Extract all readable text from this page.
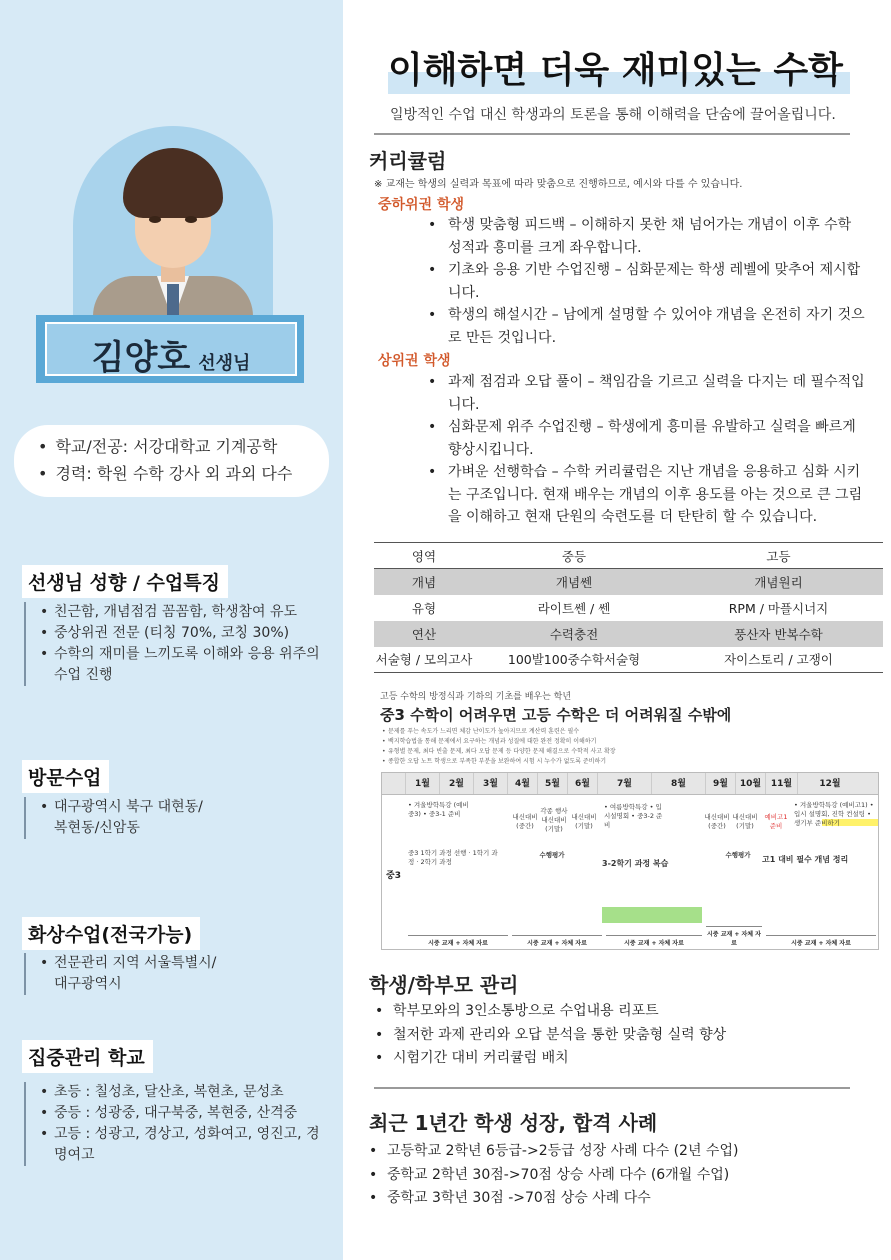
김양호 선생님
• 학교/전공: 서강대학교 기계공학
• 경력: 학원 수학 강사 외 과외 다수
선생님 성향 / 수업특징
• 친근함, 개념점검 꼼꼼함, 학생참여 유도
• 중상위권 전문 (티칭 70%, 코칭 30%)
• 수학의 재미를 느끼도록 이해와 응용 위주의 수업 진행
방문수업
• 대구광역시 북구 대현동/복현동/신암동
화상수업(전국가능)
• 전문관리 지역 서울특별시/대구광역시
집중관리 학교
• 초등 : 칠성초, 달산초, 복현초, 문성초
• 중등 : 성광중, 대구북중, 복현중, 산격중
• 고등 : 성광고, 경상고, 성화여고, 영진고, 경명여고
이해하면 더욱 재미있는 수학
일방적인 수업 대신 학생과의 토론을 통해 이해력을 단숨에 끌어올립니다.
커리큘럼
※ 교재는 학생의 실력과 목표에 따라 맞춤으로 진행하므로, 예시와 다를 수 있습니다.
중하위권 학생
• 학생 맞춤형 피드백 – 이해하지 못한 채 넘어가는 개념이 이후 수학 성적과 흥미를 크게 좌우합니다.
• 기초와 응용 기반 수업진행 – 심화문제는 학생 레벨에 맞추어 제시합니다.
• 학생의 해설시간 – 남에게 설명할 수 있어야 개념을 온전히 자기 것으로 만든 것입니다.
상위권 학생
• 과제 점검과 오답 풀이 – 책임감을 기르고 실력을 다지는 데 필수적입니다.
• 심화문제 위주 수업진행 – 학생에게 흥미를 유발하고 실력을 빠르게 향상시킵니다.
• 가벼운 선행학습 – 수학 커리큘럼은 지난 개념을 응용하고 심화 시키는 구조입니다. 현재 배우는 개념의 이후 용도를 아는 것으로 큰 그림을 이해하고 현재 단원의 숙련도를 더 탄탄히 할 수 있습니다.
영역	중등	고등
개념	개념쎈	개념원리
유형	라이트쎈 / 쎈	RPM / 마플시너지
연산	수력충전	풍산자 반복수학
서술형 / 모의고사	100발100중수학서술형	자이스토리 / 고쟁이
고등 수학의 방정식과 기하의 기초를 배우는 학년
중3 수학이 어려우면 고등 수학은 더 어려워질 수밖에
• 문제를 푸는 속도가 느리면 체감 난이도가 높아지므로 계산력 훈련은 필수
• 백지학습법을 통해 문제에서 요구하는 개념과 성질에 대한 완전 정확히 이해하기
• 유형별 문제, 최다 빈출 문제, 최다 오답 문제 등 다양한 문제 해결으로 수학적 사고 확장
• 종합한 오답 노트 학생으로 부족한 부분을 보완하여 시험 시 누수가 없도록 준비하기
1월	2월	3월	4월	5월	6월	7월	8월	9월	10월	11월	12월
중3
• 겨울방학특강 (예비중3) • 중3-1 준비	내신대비 (중간)
각종 행사 내신대비 (기말)
내신대비 (기말)
• 여름방학특강 • 입시설명회 • 중3-2 준비
내신대비 (중간)
내신대비 (기말)
예비고1 준비
• 겨울방학특강 (예비고1) • 입시 설명회, 진학 컨설팅 • 생기부 준비하기
중3 1학기 과정 선행 · 1학기 과정 · 2학기 과정
수행평가
3-2학기 과정 복습
수행평가	고1 대비 필수 개념 정리
시중 교재 + 자체 자료	시중 교재 + 자체 자료	시중 교재 + 자체 자료
시중 교재 + 자체 자료	시중 교재 + 자체 자료
학생/학부모 관리
• 학부모와의 3인소통방으로 수업내용 리포트
• 철저한 과제 관리와 오답 분석을 통한 맞춤형 실력 향상
• 시험기간 대비 커리큘럼 배치
최근 1년간 학생 성장, 합격 사례
• 고등학교 2학년 6등급->2등급 성장 사례 다수 (2년 수업)
• 중학교 2학년 30점->70점 상승 사례 다수 (6개월 수업)
• 중학교 3학년 30점 ->70점 상승 사례 다수
